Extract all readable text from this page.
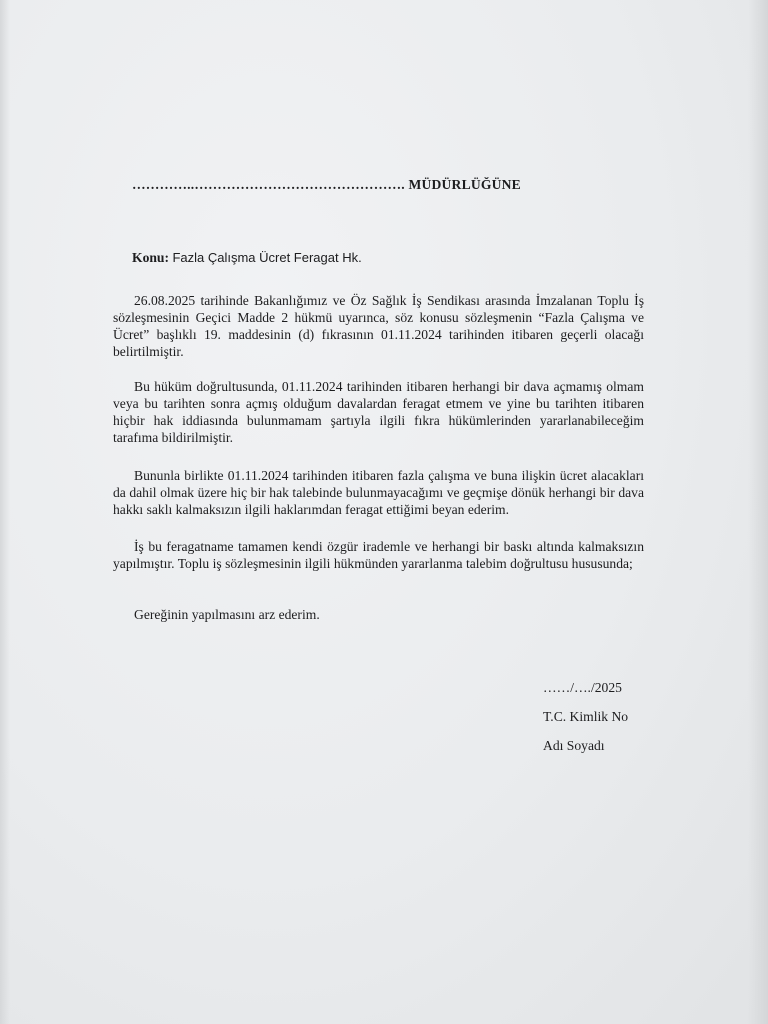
…………..………………………………………. MÜDÜRLÜĞÜNE
Konu: Fazla Çalışma Ücret Feragat Hk.

26.08.2025 tarihinde Bakanlığımız ve Öz Sağlık İş Sendikası arasında İmzalanan Toplu İş sözleşmesinin Geçici Madde 2 hükmü uyarınca, söz konusu sözleşmenin “Fazla Çalışma ve Ücret” başlıklı 19. maddesinin (d) fıkrasının 01.11.2024 tarihinden itibaren geçerli olacağı belirtilmiştir.

Bu hüküm doğrultusunda, 01.11.2024 tarihinden itibaren herhangi bir dava açmamış olmam veya bu tarihten sonra açmış olduğum davalardan feragat etmem ve yine bu tarihten itibaren hiçbir hak iddiasında bulunmamam şartıyla ilgili fıkra hükümlerinden yararlanabileceğim tarafıma bildirilmiştir.

Bununla birlikte 01.11.2024 tarihinden itibaren fazla çalışma ve buna ilişkin ücret alacakları da dahil olmak üzere hiç bir hak talebinde bulunmayacağımı ve geçmişe dönük herhangi bir dava hakkı saklı kalmaksızın ilgili haklarımdan feragat ettiğimi beyan ederim.

İş bu feragatname tamamen kendi özgür irademle ve herhangi bir baskı altında kalmaksızın yapılmıştır. Toplu iş sözleşmesinin ilgili hükmünden yararlanma talebim doğrultusu hususunda;

Gereğinin yapılmasını arz ederim.

……/…./2025
T.C. Kimlik No
Adı Soyadı
